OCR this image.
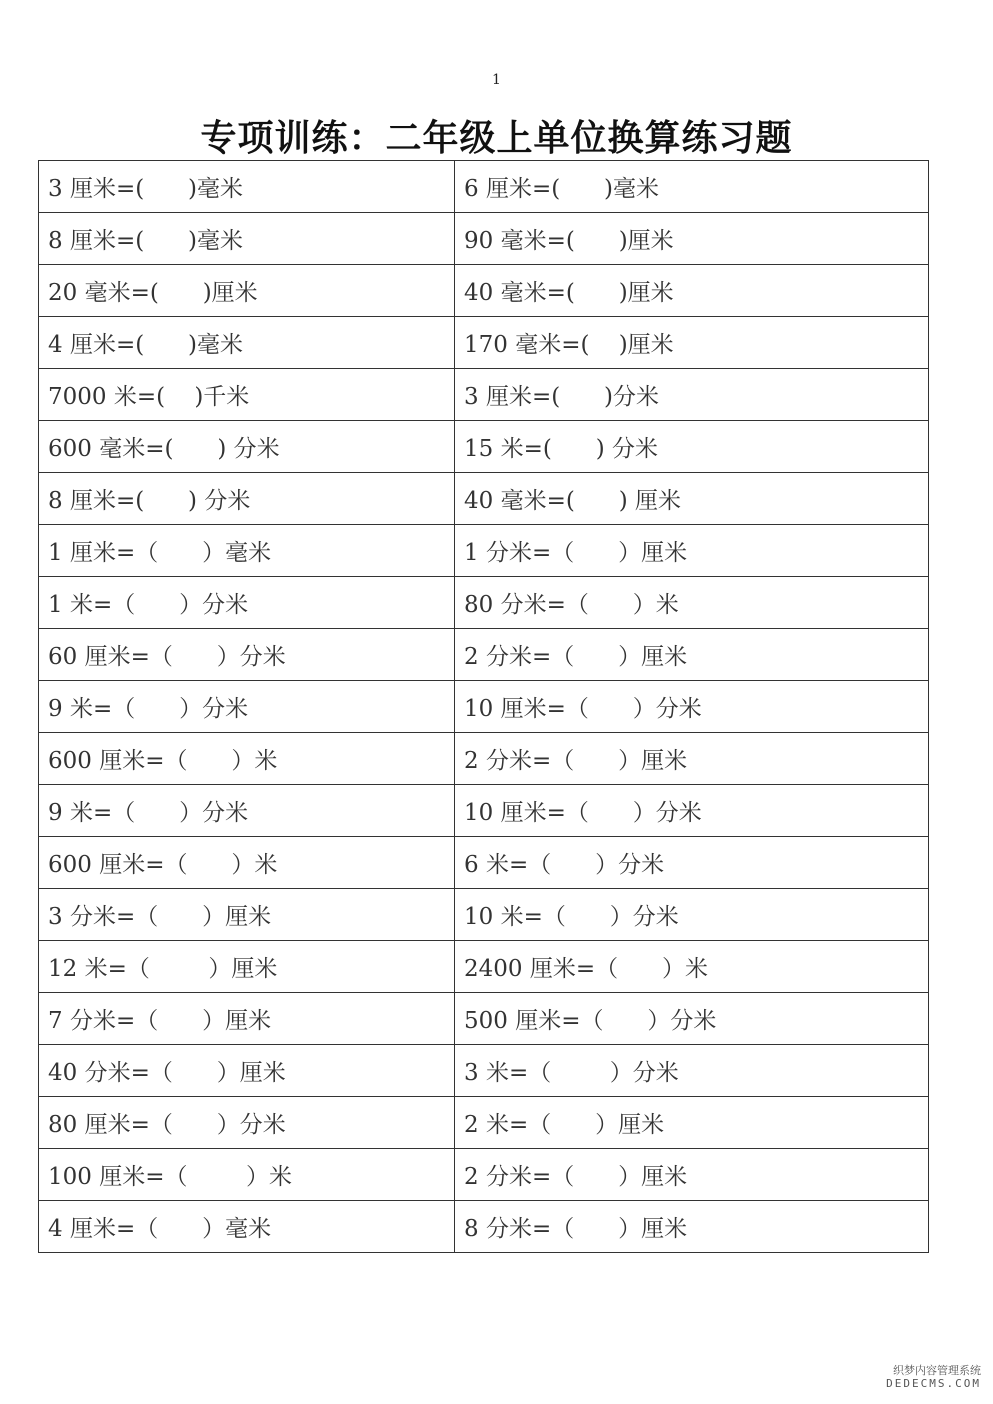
1
专项训练：二年级上单位换算练习题
3 厘米=(      )毫米	6 厘米=(      )毫米
8 厘米=(      )毫米	90 毫米=(      )厘米
20 毫米=(      )厘米	40 毫米=(      )厘米
4 厘米=(      )毫米	170 毫米=(    )厘米
7000 米=(    )千米	3 厘米=(      )分米
600 毫米=(      ) 分米	15 米=(      ) 分米
8 厘米=(      ) 分米	40 毫米=(      ) 厘米
1 厘米=（      ）毫米	1 分米=（      ）厘米
1 米=（      ）分米	80 分米=（      ）米
60 厘米=（      ）分米	2 分米=（      ）厘米
9 米=（      ）分米	10 厘米=（      ）分米
600 厘米=（      ）米	2 分米=（      ）厘米
9 米=（      ）分米	10 厘米=（      ）分米
600 厘米=（      ）米	6 米=（      ）分米
3 分米=（      ）厘米	10 米=（      ）分米
12 米=（        ）厘米	2400 厘米=（      ）米
7 分米=（      ）厘米	500 厘米=（      ）分米
40 分米=（      ）厘米	3 米=（        ）分米
80 厘米=（      ）分米	2 米=（      ）厘米
100 厘米=（        ）米	2 分米=（      ）厘米
4 厘米=（      ）毫米	8 分米=（      ）厘米
织梦内容管理系统
DEDECMS.COM
